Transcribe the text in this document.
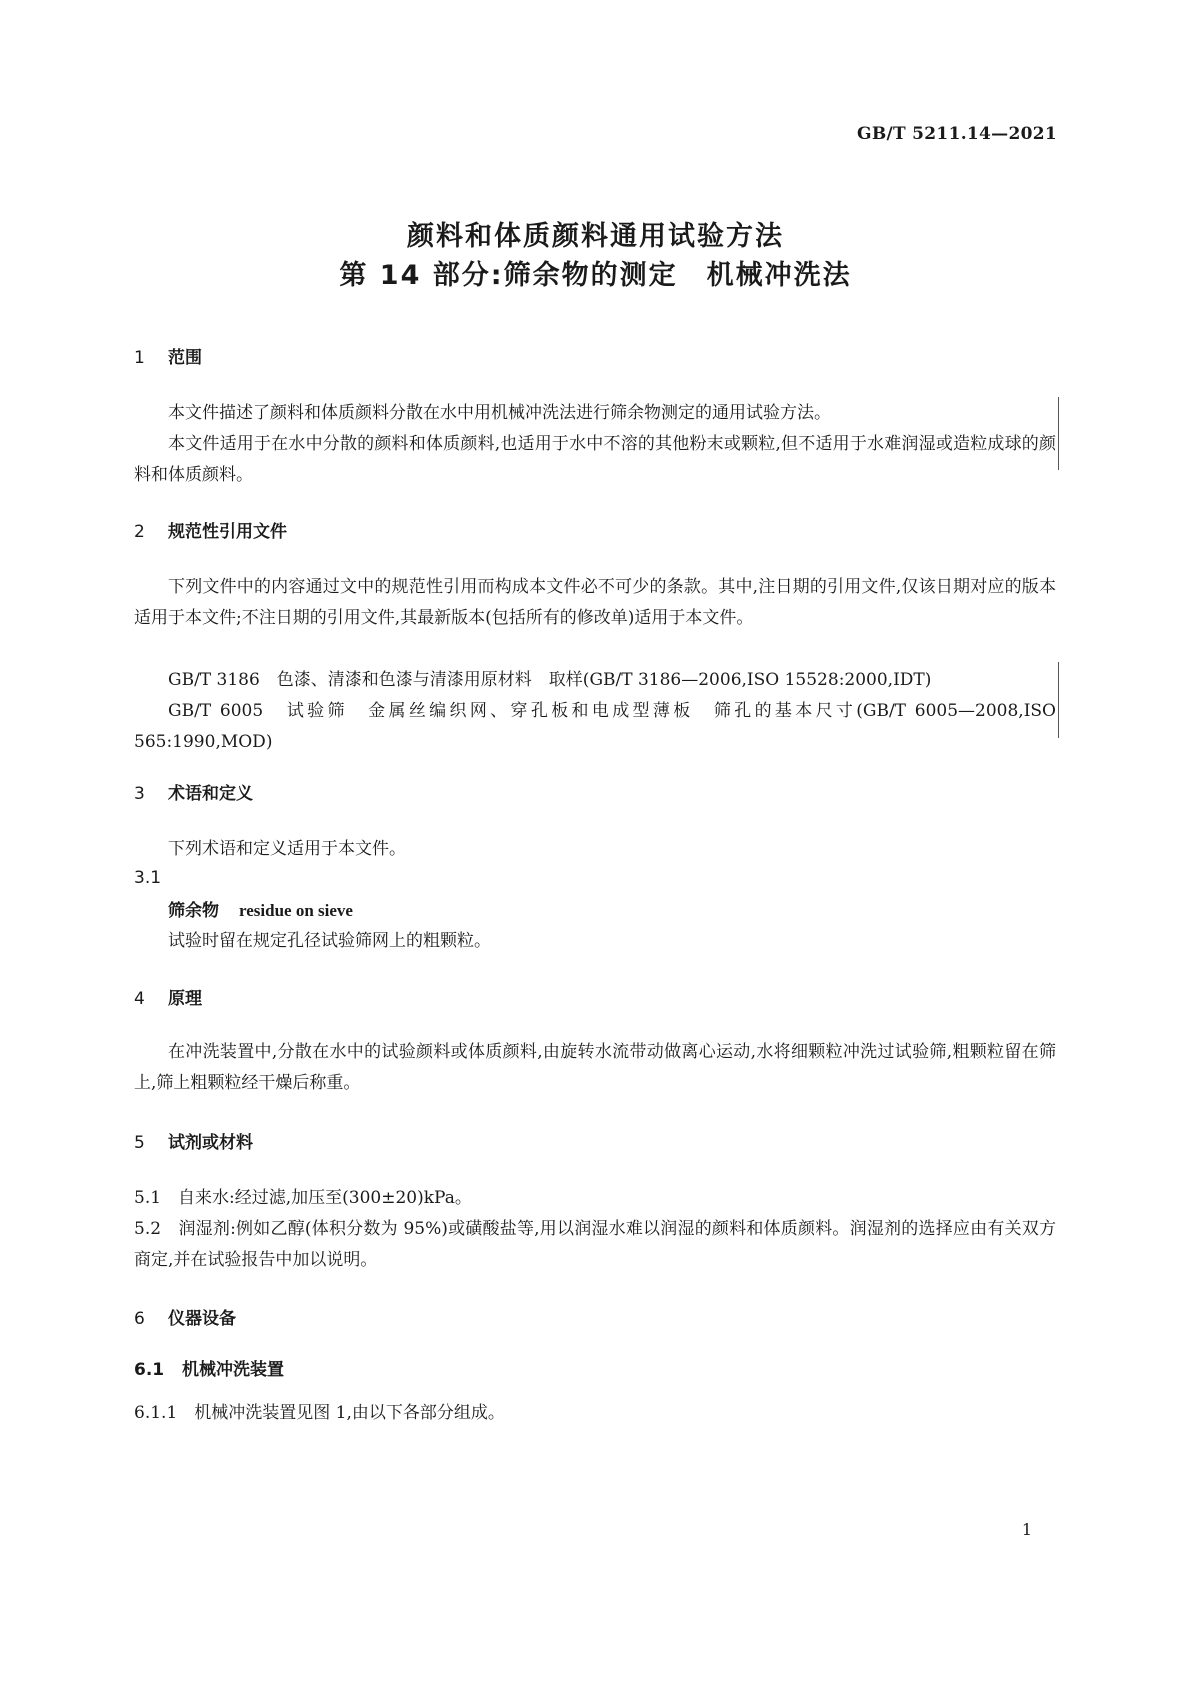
GB/T 5211.14—2021
颜料和体质颜料通用试验方法
第 14 部分:筛余物的测定　机械冲洗法
1 范围
本文件描述了颜料和体质颜料分散在水中用机械冲洗法进行筛余物测定的通用试验方法。
本文件适用于在水中分散的颜料和体质颜料,也适用于水中不溶的其他粉末或颗粒,但不适用于水难润湿或造粒成球的颜料和体质颜料。
2 规范性引用文件
下列文件中的内容通过文中的规范性引用而构成本文件必不可少的条款。其中,注日期的引用文件,仅该日期对应的版本适用于本文件;不注日期的引用文件,其最新版本(包括所有的修改单)适用于本文件。
GB/T 3186　色漆、清漆和色漆与清漆用原材料　取样(GB/T 3186—2006,ISO 15528:2000,IDT)
GB/T 6005　试验筛　金属丝编织网、穿孔板和电成型薄板　筛孔的基本尺寸(GB/T 6005—2008,ISO 565:1990,MOD)
3 术语和定义
下列术语和定义适用于本文件。
3.1
筛余物 residue on sieve
试验时留在规定孔径试验筛网上的粗颗粒。
4 原理
在冲洗装置中,分散在水中的试验颜料或体质颜料,由旋转水流带动做离心运动,水将细颗粒冲洗过试验筛,粗颗粒留在筛上,筛上粗颗粒经干燥后称重。
5 试剂或材料
5.1　自来水:经过滤,加压至(300±20)kPa。
5.2　润湿剂:例如乙醇(体积分数为 95%)或磺酸盐等,用以润湿水难以润湿的颜料和体质颜料。润湿剂的选择应由有关双方商定,并在试验报告中加以说明。
6 仪器设备
6.1 机械冲洗装置
6.1.1　机械冲洗装置见图 1,由以下各部分组成。
1
